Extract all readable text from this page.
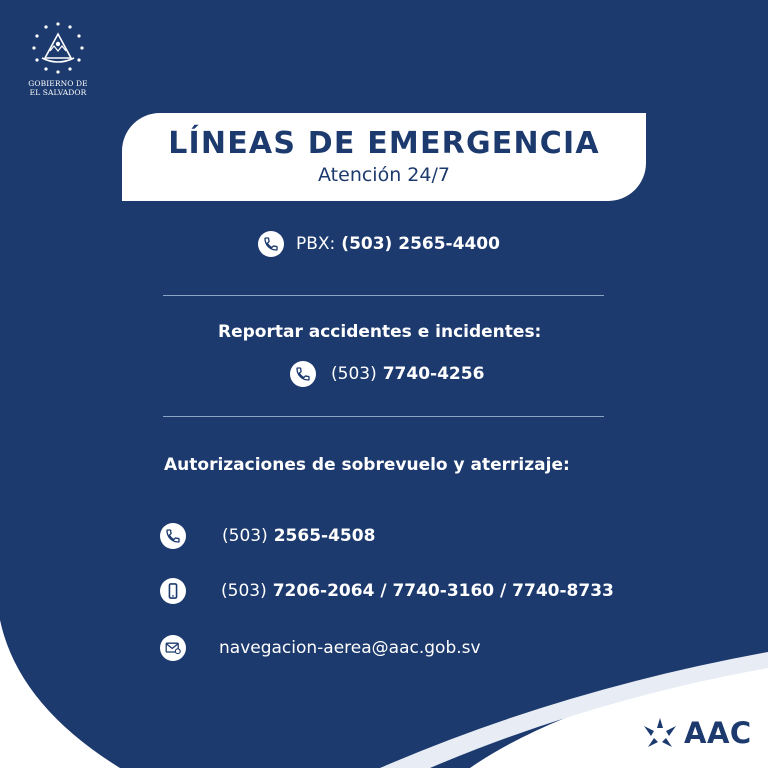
GOBIERNO DE
EL SALVADOR
LÍNEAS DE EMERGENCIA
Atención 24/7
PBX: (503) 2565-4400
Reportar accidentes e incidentes:
(503) 7740-4256
Autorizaciones de sobrevuelo y aterrizaje:
(503) 2565-4508
(503) 7206-2064 / 7740-3160 / 7740-8733
navegacion-aerea@aac.gob.sv
AAC
